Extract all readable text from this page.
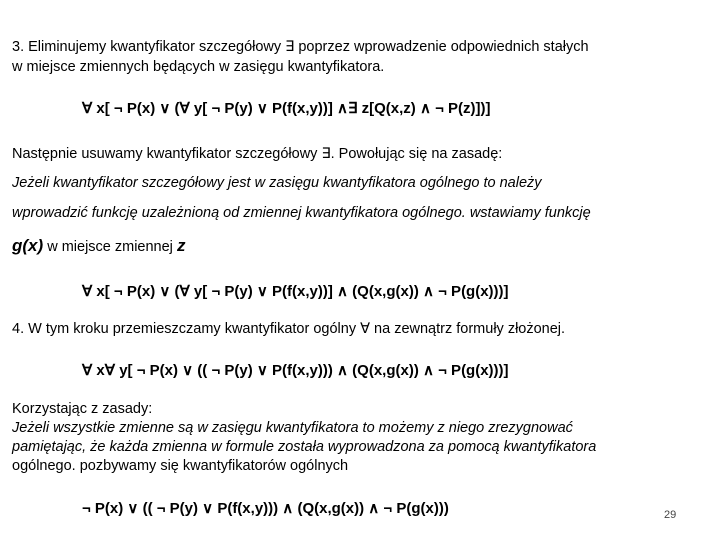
3. Eliminujemy kwantyfikator szczegółowy ∃ poprzez wprowadzenie odpowiednich stałych
w miejsce zmiennych będących w zasięgu kwantyfikatora.
∀ x[ ¬ P(x) ∨ (∀ y[ ¬ P(y) ∨ P(f(x,y))] ∧∃ z[Q(x,z) ∧ ¬ P(z)])]
Następnie usuwamy kwantyfikator szczegółowy ∃. Powołując się na zasadę:
Jeżeli kwantyfikator szczegółowy jest w zasięgu kwantyfikatora ogólnego to należy
wprowadzić funkcję uzależnioną od zmiennej kwantyfikatora ogólnego. wstawiamy funkcję
g(x) w miejsce zmiennej z
∀ x[ ¬ P(x) ∨ (∀ y[ ¬ P(y) ∨ P(f(x,y))] ∧ (Q(x,g(x)) ∧ ¬ P(g(x)))]
4. W tym kroku przemieszczamy kwantyfikator ogólny ∀ na zewnątrz formuły złożonej.
∀ x∀ y[ ¬ P(x) ∨ (( ¬ P(y) ∨ P(f(x,y))) ∧ (Q(x,g(x)) ∧ ¬ P(g(x)))]
Korzystając z zasady:
Jeżeli wszystkie zmienne są w zasięgu kwantyfikatora to możemy z niego zrezygnować
pamiętając, że każda zmienna w formule została wyprowadzona za pomocą kwantyfikatora
ogólnego. pozbywamy się kwantyfikatorów ogólnych
¬ P(x) ∨ (( ¬ P(y) ∨ P(f(x,y))) ∧ (Q(x,g(x)) ∧ ¬ P(g(x)))	29
